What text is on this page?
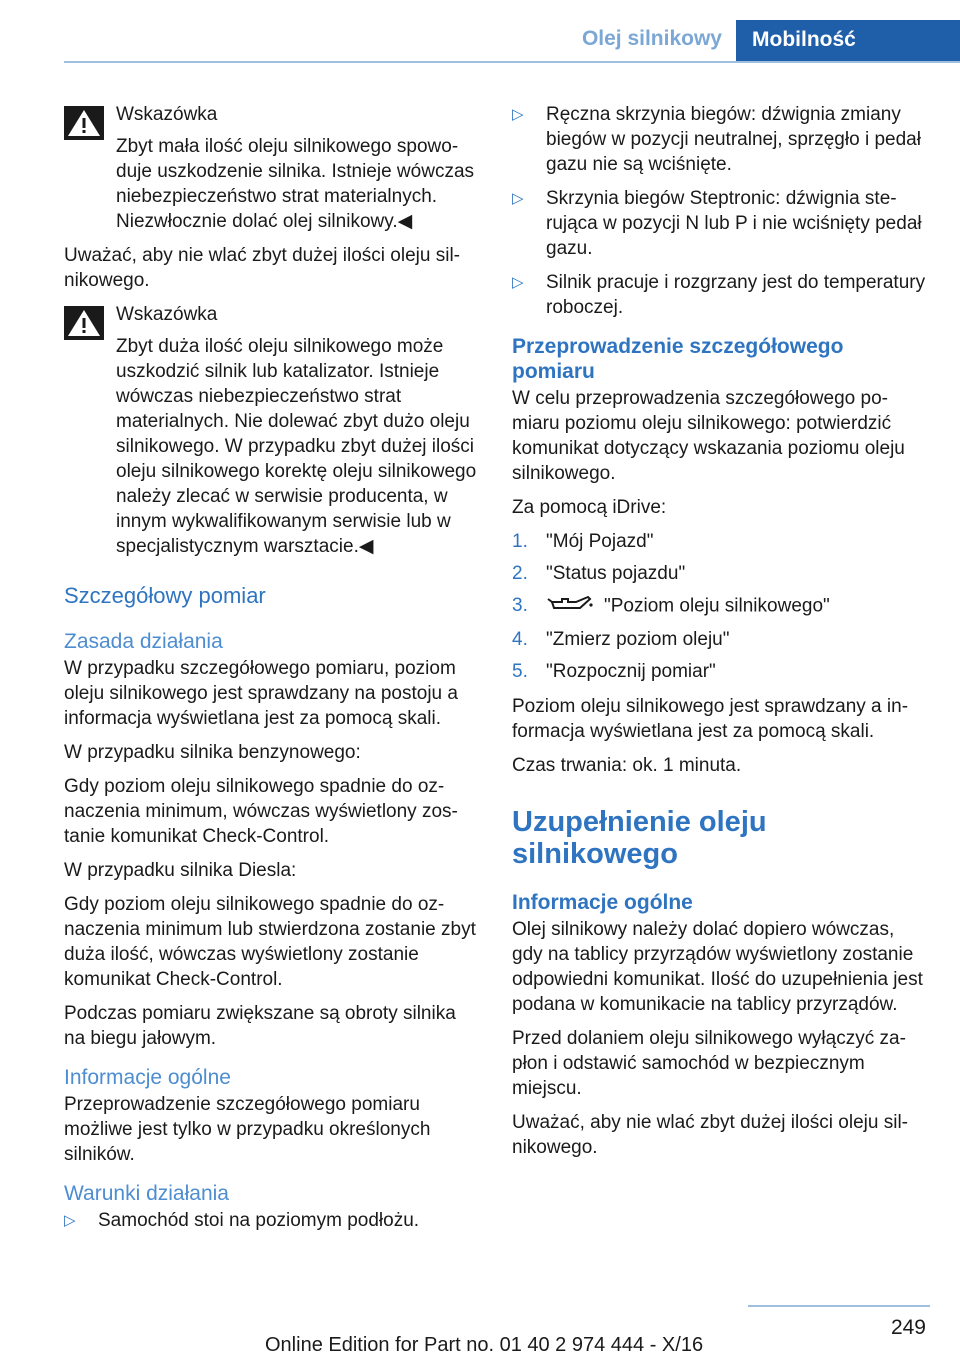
Olej silnikowy	Mobilność
Wskazówka
Zbyt mała ilość oleju silnikowego spowoduje uszkodzenie silnika. Istnieje wówczas niebezpieczeństwo strat materialnych. Niezwłocznie dolać olej silnikowy.◀

Uważać, aby nie wlać zbyt dużej ilości oleju silnikowego.

Wskazówka
Zbyt duża ilość oleju silnikowego może uszkodzić silnik lub katalizator. Istnieje wówczas niebezpieczeństwo strat materialnych. Nie dolewać zbyt dużo oleju silnikowego. W przypadku zbyt dużej ilości oleju silnikowego korektę oleju silnikowego należy zlecać w serwisie producenta, w innym wykwalifikowanym serwisie lub w specjalistycznym warsztacie.◀
Szczegółowy pomiar
Zasada działania

W przypadku szczegółowego pomiaru, poziom oleju silnikowego jest sprawdzany na postoju a informacja wyświetlana jest za pomocą skali.

W przypadku silnika benzynowego:

Gdy poziom oleju silnikowego spadnie do oznaczenia minimum, wówczas wyświetlony zostanie komunikat Check-Control.

W przypadku silnika Diesla:

Gdy poziom oleju silnikowego spadnie do oznaczenia minimum lub stwierdzona zostanie zbyt duża ilość, wówczas wyświetlony zostanie komunikat Check-Control.

Podczas pomiaru zwiększane są obroty silnika na biegu jałowym.

Informacje ogólne

Przeprowadzenie szczegółowego pomiaru możliwe jest tylko w przypadku określonych silników.

Warunki działania
▷ Samochód stoi na poziomym podłożu.
▷ Ręczna skrzynia biegów: dźwignia zmiany biegów w pozycji neutralnej, sprzęgło i pedał gazu nie są wciśnięte.
▷ Skrzynia biegów Steptronic: dźwignia sterująca w pozycji N lub P i nie wciśnięty pedał gazu.
▷ Silnik pracuje i rozgrzany jest do temperatury roboczej.
Przeprowadzenie szczegółowego pomiaru

W celu przeprowadzenia szczegółowego pomiaru poziomu oleju silnikowego: potwierdzić komunikat dotyczący wskazania poziomu oleju silnikowego.

Za pomocą iDrive:

1. "Mój Pojazd"
2. "Status pojazdu"
3.	"Poziom oleju silnikowego"
4. "Zmierz poziom oleju"
5. "Rozpocznij pomiar"

Poziom oleju silnikowego jest sprawdzany a informacja wyświetlana jest za pomocą skali.

Czas trwania: ok. 1 minuta.

Uzupełnienie oleju silnikowego
Informacje ogólne

Olej silnikowy należy dolać dopiero wówczas, gdy na tablicy przyrządów wyświetlony zostanie odpowiedni komunikat. Ilość do uzupełnienia jest podana w komunikacie na tablicy przyrządów.

Przed dolaniem oleju silnikowego wyłączyć zapłon i odstawić samochód w bezpiecznym miejscu.

Uważać, aby nie wlać zbyt dużej ilości oleju silnikowego.

249
Online Edition for Part no. 01 40 2 974 444 - X/16
